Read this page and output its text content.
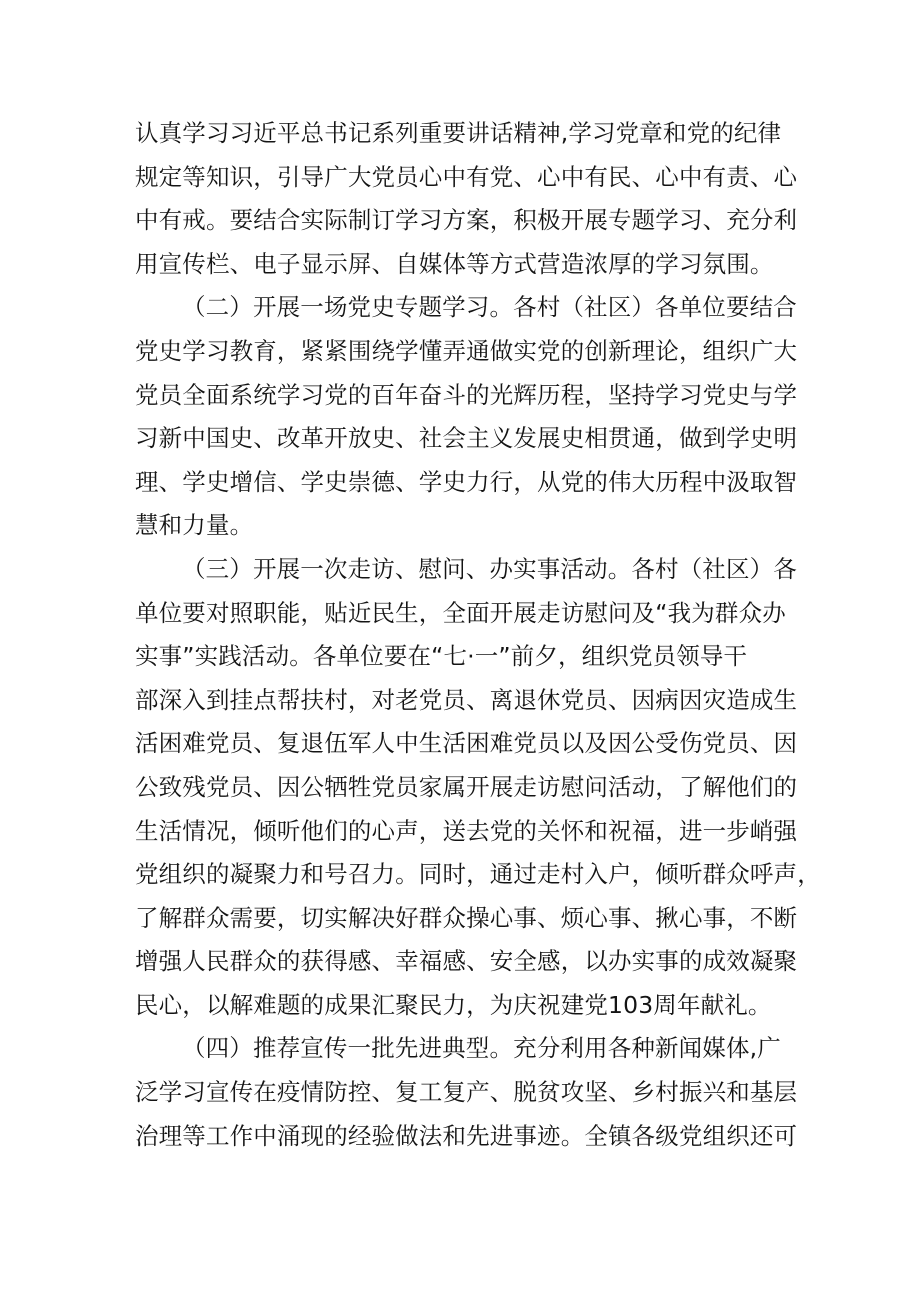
认真学习习近平总书记系列重要讲话精神,学习党章和党的纪律
规定等知识，引导广大党员心中有党、心中有民、心中有责、心
中有戒。要结合实际制订学习方案，积极开展专题学习、充分利
用宣传栏、电子显示屏、自媒体等方式营造浓厚的学习氛围。
（二）开展一场党史专题学习。各村（社区）各单位要结合
党史学习教育，紧紧围绕学懂弄通做实党的创新理论，组织广大
党员全面系统学习党的百年奋斗的光辉历程，坚持学习党史与学
习新中国史、改革开放史、社会主义发展史相贯通，做到学史明
理、学史增信、学史崇德、学史力行，从党的伟大历程中汲取智
慧和力量。
（三）开展一次走访、慰问、办实事活动。各村（社区）各
单位要对照职能，贴近民生，全面开展走访慰问及“我为群众办
实事”实践活动。各单位要在“七·一”前夕，组织党员领导干
部深入到挂点帮扶村，对老党员、离退休党员、因病因灾造成生
活困难党员、复退伍军人中生活困难党员以及因公受伤党员、因
公致残党员、因公牺牲党员家属开展走访慰问活动，了解他们的
生活情况，倾听他们的心声，送去党的关怀和祝福，进一步峭强
党组织的凝聚力和号召力。同时，通过走村入户，倾听群众呼声，
了解群众需要，切实解决好群众操心事、烦心事、揪心事，不断
增强人民群众的获得感、幸福感、安全感，以办实事的成效凝聚
民心，以解难题的成果汇聚民力，为庆祝建党103周年献礼。
（四）推荐宣传一批先进典型。充分利用各种新闻媒体,广
泛学习宣传在疫情防控、复工复产、脱贫攻坚、乡村振兴和基层
治理等工作中涌现的经验做法和先进事迹。全镇各级党组织还可
